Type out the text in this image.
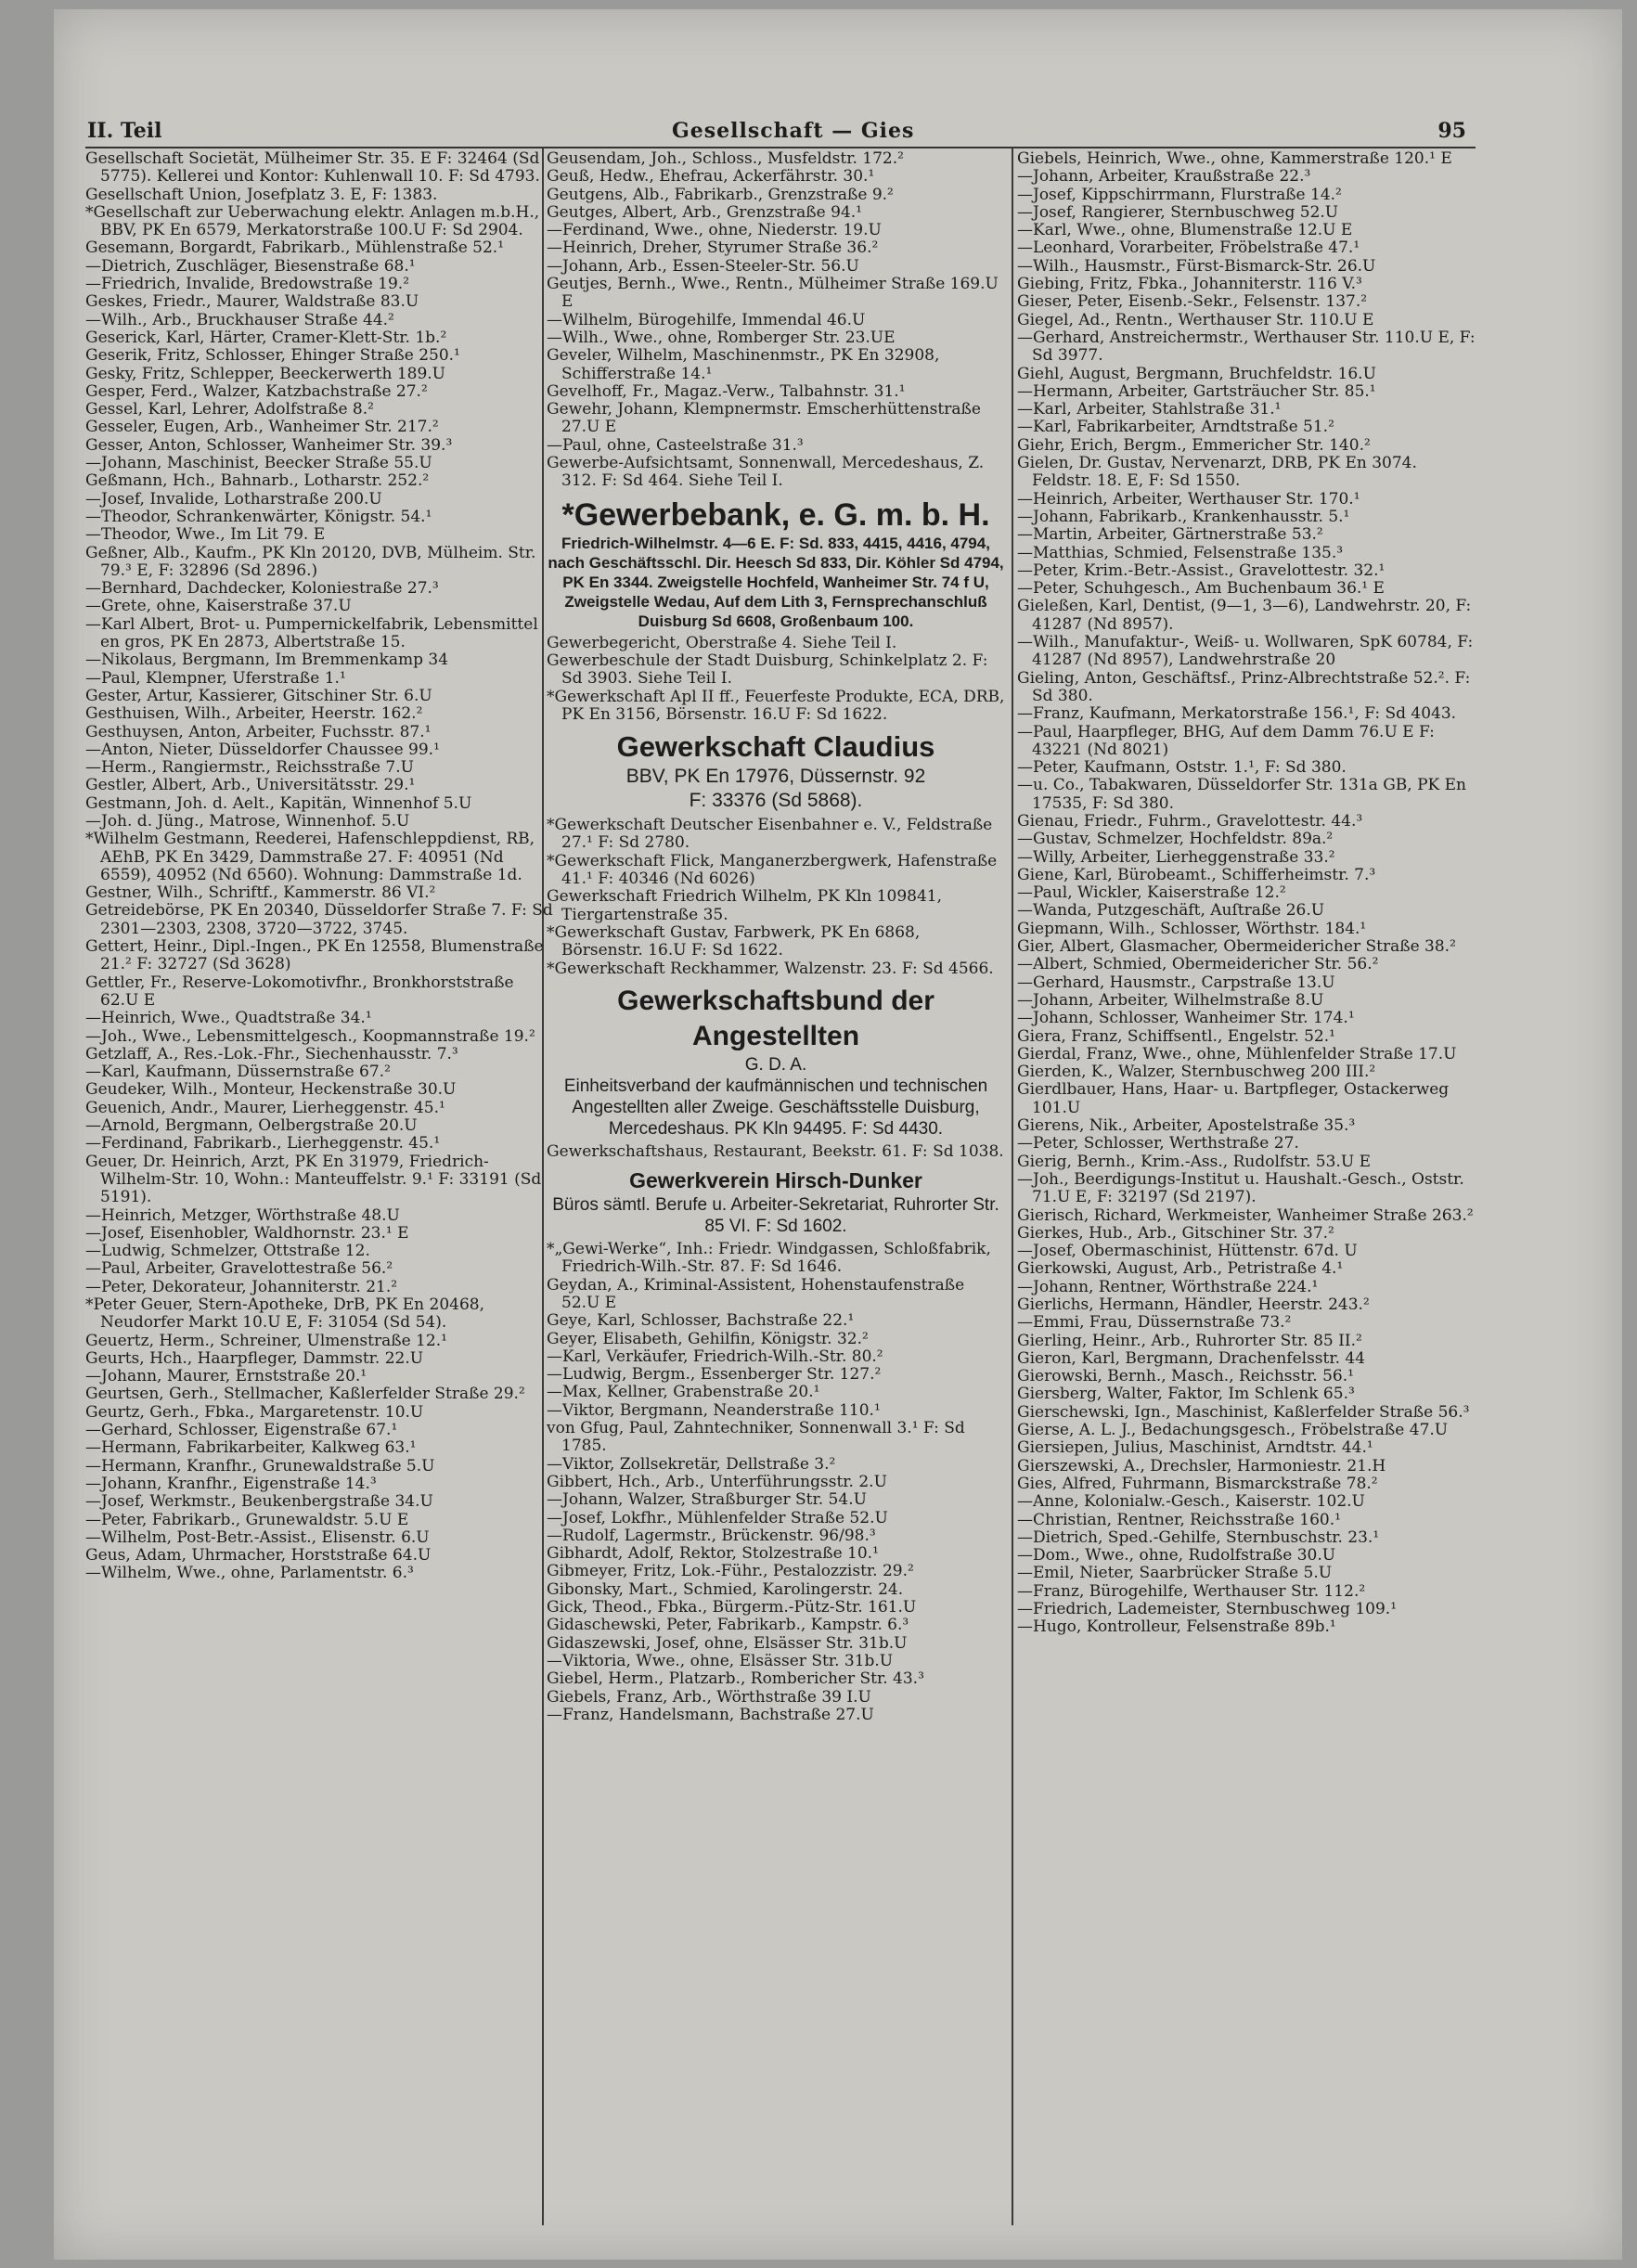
II. Teil	Gesellschaft — Gies	95

Gesellschaft Societät, Mülheimer Str. 35. E F: 32464 (Sd 5775). Kellerei und Kontor: Kuhlenwall 10. F: Sd 4793.

Gesellschaft Union, Josefplatz 3. E, F: 1383.

*Gesellschaft zur Ueberwachung elektr. Anlagen m.b.H., BBV, PK En 6579, Merkatorstraße 100.U F: Sd 2904.

Gesemann, Borgardt, Fabrikarb., Mühlenstraße 52.¹

—Dietrich, Zuschläger, Biesenstraße 68.¹

—Friedrich, Invalide, Bredowstraße 19.²

Geskes, Friedr., Maurer, Waldstraße 83.U

—Wilh., Arb., Bruckhauser Straße 44.²

Geserick, Karl, Härter, Cramer-Klett-Str. 1b.²

Geserik, Fritz, Schlosser, Ehinger Straße 250.¹

Gesky, Fritz, Schlepper, Beeckerwerth 189.U

Gesper, Ferd., Walzer, Katzbachstraße 27.²

Gessel, Karl, Lehrer, Adolfstraße 8.²

Gesseler, Eugen, Arb., Wanheimer Str. 217.²

Gesser, Anton, Schlosser, Wanheimer Str. 39.³

—Johann, Maschinist, Beecker Straße 55.U

Geßmann, Hch., Bahnarb., Lotharstr. 252.²

—Josef, Invalide, Lotharstraße 200.U

—Theodor, Schrankenwärter, Königstr. 54.¹

—Theodor, Wwe., Im Lit 79. E

Geßner, Alb., Kaufm., PK Kln 20120, DVB, Mülheim. Str. 79.³ E, F: 32896 (Sd 2896.)

—Bernhard, Dachdecker, Koloniestraße 27.³

—Grete, ohne, Kaiserstraße 37.U

—Karl Albert, Brot- u. Pumpernickelfabrik, Lebensmittel en gros, PK En 2873, Albertstraße 15.

—Nikolaus, Bergmann, Im Bremmenkamp 34

—Paul, Klempner, Uferstraße 1.¹

Gester, Artur, Kassierer, Gitschiner Str. 6.U

Gesthuisen, Wilh., Arbeiter, Heerstr. 162.²

Gesthuysen, Anton, Arbeiter, Fuchsstr. 87.¹

—Anton, Nieter, Düsseldorfer Chaussee 99.¹

—Herm., Rangiermstr., Reichsstraße 7.U

Gestler, Albert, Arb., Universitätsstr. 29.¹

Gestmann, Joh. d. Aelt., Kapitän, Winnenhof 5.U

—Joh. d. Jüng., Matrose, Winnenhof. 5.U

*Wilhelm Gestmann, Reederei, Hafenschleppdienst, RB, AEhB, PK En 3429, Dammstraße 27. F: 40951 (Nd 6559), 40952 (Nd 6560). Wohnung: Dammstraße 1d.

Gestner, Wilh., Schriftf., Kammerstr. 86 VI.²

Getreidebörse, PK En 20340, Düsseldorfer Straße 7. F: Sd 2301—2303, 2308, 3720—3722, 3745.

Gettert, Heinr., Dipl.-Ingen., PK En 12558, Blumenstraße 21.² F: 32727 (Sd 3628)

Gettler, Fr., Reserve-Lokomotivfhr., Bronkhorststraße 62.U E

—Heinrich, Wwe., Quadtstraße 34.¹

—Joh., Wwe., Lebensmittelgesch., Koopmannstraße 19.²

Getzlaff, A., Res.-Lok.-Fhr., Siechenhausstr. 7.³

—Karl, Kaufmann, Düssernstraße 67.²

Geudeker, Wilh., Monteur, Heckenstraße 30.U

Geuenich, Andr., Maurer, Lierheggenstr. 45.¹

—Arnold, Bergmann, Oelbergstraße 20.U

—Ferdinand, Fabrikarb., Lierheggenstr. 45.¹

Geuer, Dr. Heinrich, Arzt, PK En 31979, Friedrich-Wilhelm-Str. 10, Wohn.: Manteuffelstr. 9.¹ F: 33191 (Sd 5191).

—Heinrich, Metzger, Wörthstraße 48.U

—Josef, Eisenhobler, Waldhornstr. 23.¹ E

—Ludwig, Schmelzer, Ottstraße 12.

—Paul, Arbeiter, Gravelottestraße 56.²

—Peter, Dekorateur, Johanniterstr. 21.²

*Peter Geuer, Stern-Apotheke, DrB, PK En 20468, Neudorfer Markt 10.U E, F: 31054 (Sd 54).

Geuertz, Herm., Schreiner, Ulmenstraße 12.¹

Geurts, Hch., Haarpfleger, Dammstr. 22.U

—Johann, Maurer, Ernststraße 20.¹

Geurtsen, Gerh., Stellmacher, Kaßlerfelder Straße 29.²

Geurtz, Gerh., Fbka., Margaretenstr. 10.U

—Gerhard, Schlosser, Eigenstraße 67.¹

—Hermann, Fabrikarbeiter, Kalkweg 63.¹

—Hermann, Kranfhr., Grunewaldstraße 5.U

—Johann, Kranfhr., Eigenstraße 14.³

—Josef, Werkmstr., Beukenbergstraße 34.U

—Peter, Fabrikarb., Grunewaldstr. 5.U E

—Wilhelm, Post-Betr.-Assist., Elisenstr. 6.U

Geus, Adam, Uhrmacher, Horststraße 64.U

—Wilhelm, Wwe., ohne, Parlamentstr. 6.³

Geusendam, Joh., Schloss., Musfeldstr. 172.²

Geuß, Hedw., Ehefrau, Ackerfährstr. 30.¹

Geutgens, Alb., Fabrikarb., Grenzstraße 9.²

Geutges, Albert, Arb., Grenzstraße 94.¹

—Ferdinand, Wwe., ohne, Niederstr. 19.U

—Heinrich, Dreher, Styrumer Straße 36.²

—Johann, Arb., Essen-Steeler-Str. 56.U

Geutjes, Bernh., Wwe., Rentn., Mülheimer Straße 169.U E

—Wilhelm, Bürogehilfe, Immendal 46.U

—Wilh., Wwe., ohne, Romberger Str. 23.UE

Geveler, Wilhelm, Maschinenmstr., PK En 32908, Schifferstraße 14.¹

Gevelhoff, Fr., Magaz.-Verw., Talbahnstr. 31.¹

Gewehr, Johann, Klempnermstr. Emscherhüttenstraße 27.U E

—Paul, ohne, Casteelstraße 31.³

Gewerbe-Aufsichtsamt, Sonnenwall, Mercedeshaus, Z. 312. F: Sd 464. Siehe Teil I.

*Gewerbebank, e. G. m. b. H.
Friedrich-Wilhelmstr. 4—6 E. F: Sd. 833, 4415, 4416, 4794, nach Geschäftsschl. Dir. Heesch Sd 833, Dir. Köhler Sd 4794, PK En 3344. Zweigstelle Hochfeld, Wanheimer Str. 74 f U, Zweigstelle Wedau, Auf dem Lith 3, Fernsprechanschluß Duisburg Sd 6608, Großenbaum 100.

Gewerbegericht, Oberstraße 4. Siehe Teil I.

Gewerbeschule der Stadt Duisburg, Schinkelplatz 2. F: Sd 3903. Siehe Teil I.

*Gewerkschaft Apl II ff., Feuerfeste Produkte, ECA, DRB, PK En 3156, Börsenstr. 16.U F: Sd 1622.

Gewerkschaft Claudius
BBV, PK En 17976, Düssernstr. 92
F: 33376 (Sd 5868).

*Gewerkschaft Deutscher Eisenbahner e. V., Feldstraße 27.¹ F: Sd 2780.

*Gewerkschaft Flick, Manganerzbergwerk, Hafenstraße 41.¹ F: 40346 (Nd 6026)

Gewerkschaft Friedrich Wilhelm, PK Kln 109841, Tiergartenstraße 35.

*Gewerkschaft Gustav, Farbwerk, PK En 6868, Börsenstr. 16.U F: Sd 1622.

*Gewerkschaft Reckhammer, Walzenstr. 23. F: Sd 4566.

Gewerkschaftsbund der Angestellten
G. D. A.
Einheitsverband der kaufmännischen und technischen Angestellten aller Zweige. Geschäftsstelle Duisburg, Mercedeshaus. PK Kln 94495. F: Sd 4430.

Gewerkschaftshaus, Restaurant, Beekstr. 61. F: Sd 1038.

Gewerkverein Hirsch-Dunker
Büros sämtl. Berufe u. Arbeiter-Sekretariat, Ruhrorter Str. 85 VI. F: Sd 1602.

*„Gewi-Werke“, Inh.: Friedr. Windgassen, Schloßfabrik, Friedrich-Wilh.-Str. 87. F: Sd 1646.

Geydan, A., Kriminal-Assistent, Hohenstaufenstraße 52.U E

Geye, Karl, Schlosser, Bachstraße 22.¹

Geyer, Elisabeth, Gehilfin, Königstr. 32.²

—Karl, Verkäufer, Friedrich-Wilh.-Str. 80.²

—Ludwig, Bergm., Essenberger Str. 127.²

—Max, Kellner, Grabenstraße 20.¹

—Viktor, Bergmann, Neanderstraße 110.¹

von Gfug, Paul, Zahntechniker, Sonnenwall 3.¹ F: Sd 1785.

—Viktor, Zollsekretär, Dellstraße 3.²

Gibbert, Hch., Arb., Unterführungsstr. 2.U

—Johann, Walzer, Straßburger Str. 54.U

—Josef, Lokfhr., Mühlenfelder Straße 52.U

—Rudolf, Lagermstr., Brückenstr. 96/98.³

Gibhardt, Adolf, Rektor, Stolzestraße 10.¹

Gibmeyer, Fritz, Lok.-Führ., Pestalozzistr. 29.²

Gibonsky, Mart., Schmied, Karolingerstr. 24.

Gick, Theod., Fbka., Bürgerm.-Pütz-Str. 161.U

Gidaschewski, Peter, Fabrikarb., Kampstr. 6.³

Gidaszewski, Josef, ohne, Elsässer Str. 31b.U

—Viktoria, Wwe., ohne, Elsässer Str. 31b.U

Giebel, Herm., Platzarb., Rombericher Str. 43.³

Giebels, Franz, Arb., Wörthstraße 39 I.U

—Franz, Handelsmann, Bachstraße 27.U

Giebels, Heinrich, Wwe., ohne, Kammerstraße 120.¹ E

—Johann, Arbeiter, Kraußstraße 22.³

—Josef, Kippschirrmann, Flurstraße 14.²

—Josef, Rangierer, Sternbuschweg 52.U

—Karl, Wwe., ohne, Blumenstraße 12.U E

—Leonhard, Vorarbeiter, Fröbelstraße 47.¹

—Wilh., Hausmstr., Fürst-Bismarck-Str. 26.U

Giebing, Fritz, Fbka., Johanniterstr. 116 V.³

Gieser, Peter, Eisenb.-Sekr., Felsenstr. 137.²

Giegel, Ad., Rentn., Werthauser Str. 110.U E

—Gerhard, Anstreichermstr., Werthauser Str. 110.U E, F: Sd 3977.

Giehl, August, Bergmann, Bruchfeldstr. 16.U

—Hermann, Arbeiter, Gartsträucher Str. 85.¹

—Karl, Arbeiter, Stahlstraße 31.¹

—Karl, Fabrikarbeiter, Arndtstraße 51.²

Giehr, Erich, Bergm., Emmericher Str. 140.²

Gielen, Dr. Gustav, Nervenarzt, DRB, PK En 3074. Feldstr. 18. E, F: Sd 1550.

—Heinrich, Arbeiter, Werthauser Str. 170.¹

—Johann, Fabrikarb., Krankenhausstr. 5.¹

—Martin, Arbeiter, Gärtnerstraße 53.²

—Matthias, Schmied, Felsenstraße 135.³

—Peter, Krim.-Betr.-Assist., Gravelottestr. 32.¹

—Peter, Schuhgesch., Am Buchenbaum 36.¹ E

Gieleßen, Karl, Dentist, (9—1, 3—6), Landwehrstr. 20, F: 41287 (Nd 8957).

—Wilh., Manufaktur-, Weiß- u. Wollwaren, SpK 60784, F: 41287 (Nd 8957), Landwehrstraße 20

Gieling, Anton, Geschäftsf., Prinz-Albrechtstraße 52.². F: Sd 380.

—Franz, Kaufmann, Merkatorstraße 156.¹, F: Sd 4043.

—Paul, Haarpfleger, BHG, Auf dem Damm 76.U E F: 43221 (Nd 8021)

—Peter, Kaufmann, Oststr. 1.¹, F: Sd 380.

—u. Co., Tabakwaren, Düsseldorfer Str. 131a GB, PK En 17535, F: Sd 380.

Gienau, Friedr., Fuhrm., Gravelottestr. 44.³

—Gustav, Schmelzer, Hochfeldstr. 89a.²

—Willy, Arbeiter, Lierheggenstraße 33.²

Giene, Karl, Bürobeamt., Schifferheimstr. 7.³

—Paul, Wickler, Kaiserstraße 12.²

—Wanda, Putzgeschäft, Auſtraße 26.U

Giepmann, Wilh., Schlosser, Wörthstr. 184.¹

Gier, Albert, Glasmacher, Obermeidericher Straße 38.²

—Albert, Schmied, Obermeidericher Str. 56.²

—Gerhard, Hausmstr., Carpstraße 13.U

—Johann, Arbeiter, Wilhelmstraße 8.U

—Johann, Schlosser, Wanheimer Str. 174.¹

Giera, Franz, Schiffsentl., Engelstr. 52.¹

Gierdal, Franz, Wwe., ohne, Mühlenfelder Straße 17.U

Gierden, K., Walzer, Sternbuschweg 200 III.²

Gierdlbauer, Hans, Haar- u. Bartpfleger, Ostackerweg 101.U

Gierens, Nik., Arbeiter, Apostelstraße 35.³

—Peter, Schlosser, Werthstraße 27.

Gierig, Bernh., Krim.-Ass., Rudolfstr. 53.U E

—Joh., Beerdigungs-Institut u. Haushalt.-Gesch., Oststr. 71.U E, F: 32197 (Sd 2197).

Gierisch, Richard, Werkmeister, Wanheimer Straße 263.²

Gierkes, Hub., Arb., Gitschiner Str. 37.²

—Josef, Obermaschinist, Hüttenstr. 67d. U

Gierkowski, August, Arb., Petristraße 4.¹

—Johann, Rentner, Wörthstraße 224.¹

Gierlichs, Hermann, Händler, Heerstr. 243.²

—Emmi, Frau, Düssernstraße 73.²

Gierling, Heinr., Arb., Ruhrorter Str. 85 II.²

Gieron, Karl, Bergmann, Drachenfelsstr. 44

Gierowski, Bernh., Masch., Reichsstr. 56.¹

Giersberg, Walter, Faktor, Im Schlenk 65.³

Gierschewski, Ign., Maschinist, Kaßlerfelder Straße 56.³

Gierse, A. L. J., Bedachungsgesch., Fröbelstraße 47.U

Giersiepen, Julius, Maschinist, Arndtstr. 44.¹

Gierszewski, A., Drechsler, Harmoniestr. 21.H

Gies, Alfred, Fuhrmann, Bismarckstraße 78.²

—Anne, Kolonialw.-Gesch., Kaiserstr. 102.U

—Christian, Rentner, Reichsstraße 160.¹

—Dietrich, Sped.-Gehilfe, Sternbuschstr. 23.¹

—Dom., Wwe., ohne, Rudolfstraße 30.U

—Emil, Nieter, Saarbrücker Straße 5.U

—Franz, Bürogehilfe, Werthauser Str. 112.²

—Friedrich, Lademeister, Sternbuschweg 109.¹

—Hugo, Kontrolleur, Felsenstraße 89b.¹
